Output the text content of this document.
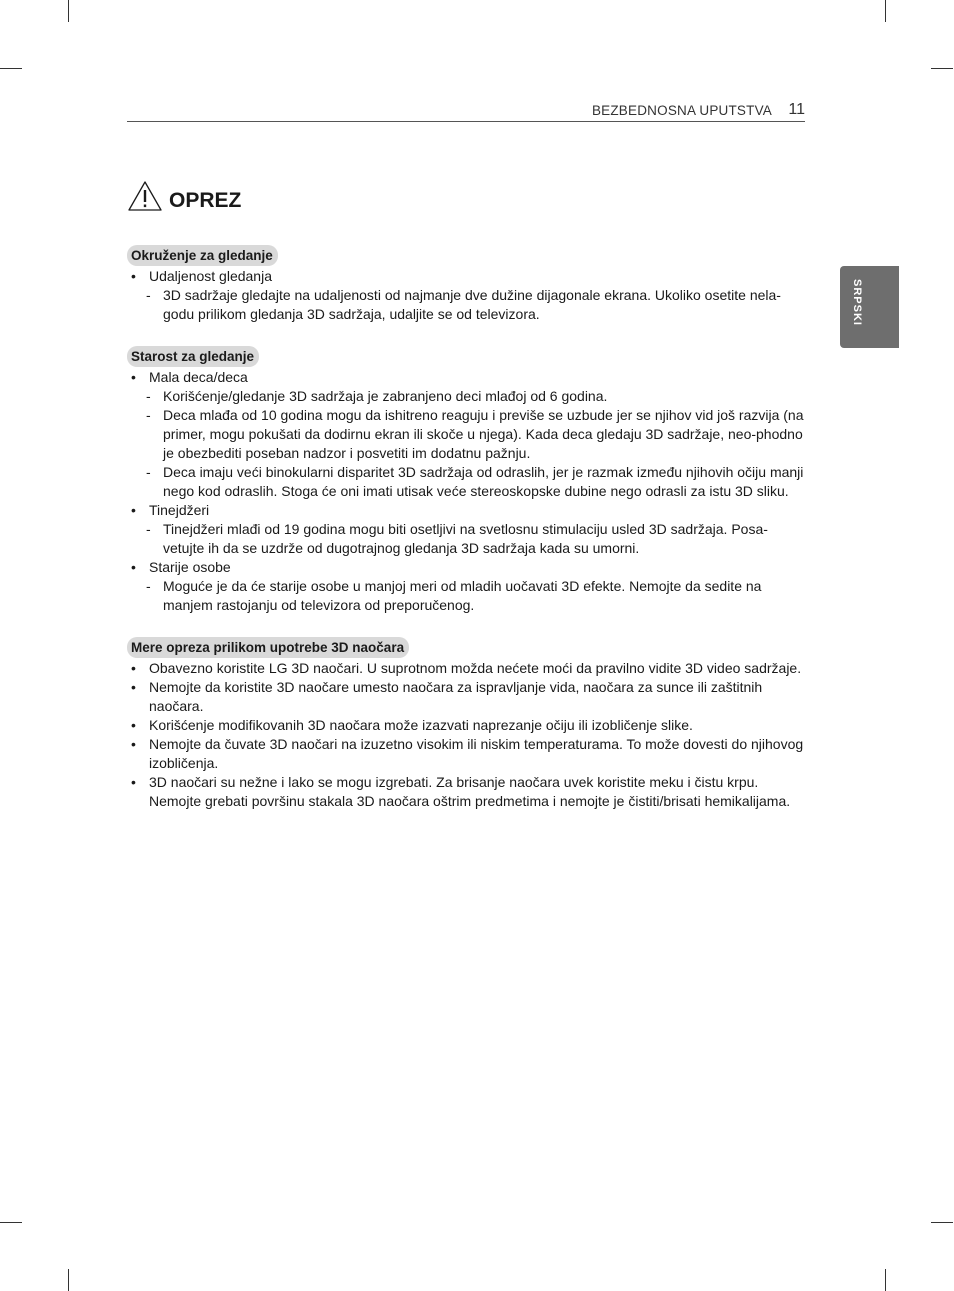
BEZBEDNOSNA UPUTSTVA 11
SRPSKI
OPREZ
Okruženje za gledanje
• Udaljenost gledanja
- 3D sadržaje gledajte na udaljenosti od najmanje dve dužine dijagonale ekrana. Ukoliko osetite nela-godu prilikom gledanja 3D sadržaja, udaljite se od televizora.
Starost za gledanje
• Mala deca/deca
- Korišćenje/gledanje 3D sadržaja je zabranjeno deci mlađoj od 6 godina.
- Deca mlađa od 10 godina mogu da ishitreno reaguju i previše se uzbude jer se njihov vid još razvija (na primer, mogu pokušati da dodirnu ekran ili skoče u njega). Kada deca gledaju 3D sadržaje, neo-phodno je obezbediti poseban nadzor i posvetiti im dodatnu pažnju.
- Deca imaju veći binokularni disparitet 3D sadržaja od odraslih, jer je razmak između njihovih očiju manji nego kod odraslih. Stoga će oni imati utisak veće stereoskopske dubine nego odrasli za istu 3D sliku.
• Tinejdžeri
- Tinejdžeri mlađi od 19 godina mogu biti osetljivi na svetlosnu stimulaciju usled 3D sadržaja. Posa-vetujte ih da se uzdrže od dugotrajnog gledanja 3D sadržaja kada su umorni.
• Starije osobe
- Moguće je da će starije osobe u manjoj meri od mladih uočavati 3D efekte. Nemojte da sedite na manjem rastojanju od televizora od preporučenog.
Mere opreza prilikom upotrebe 3D naočara
• Obavezno koristite LG 3D naočari. U suprotnom možda nećete moći da pravilno vidite 3D video sadržaje.
• Nemojte da koristite 3D naočare umesto naočara za ispravljanje vida, naočara za sunce ili zaštitnih naočara.
• Korišćenje modifikovanih 3D naočara može izazvati naprezanje očiju ili izobličenje slike.
• Nemojte da čuvate 3D naočari na izuzetno visokim ili niskim temperaturama. To može dovesti do njihovog izobličenja.
• 3D naočari su nežne i lako se mogu izgrebati. Za brisanje naočara uvek koristite meku i čistu krpu. Nemojte grebati površinu stakala 3D naočara oštrim predmetima i nemojte je čistiti/brisati hemikalijama.
